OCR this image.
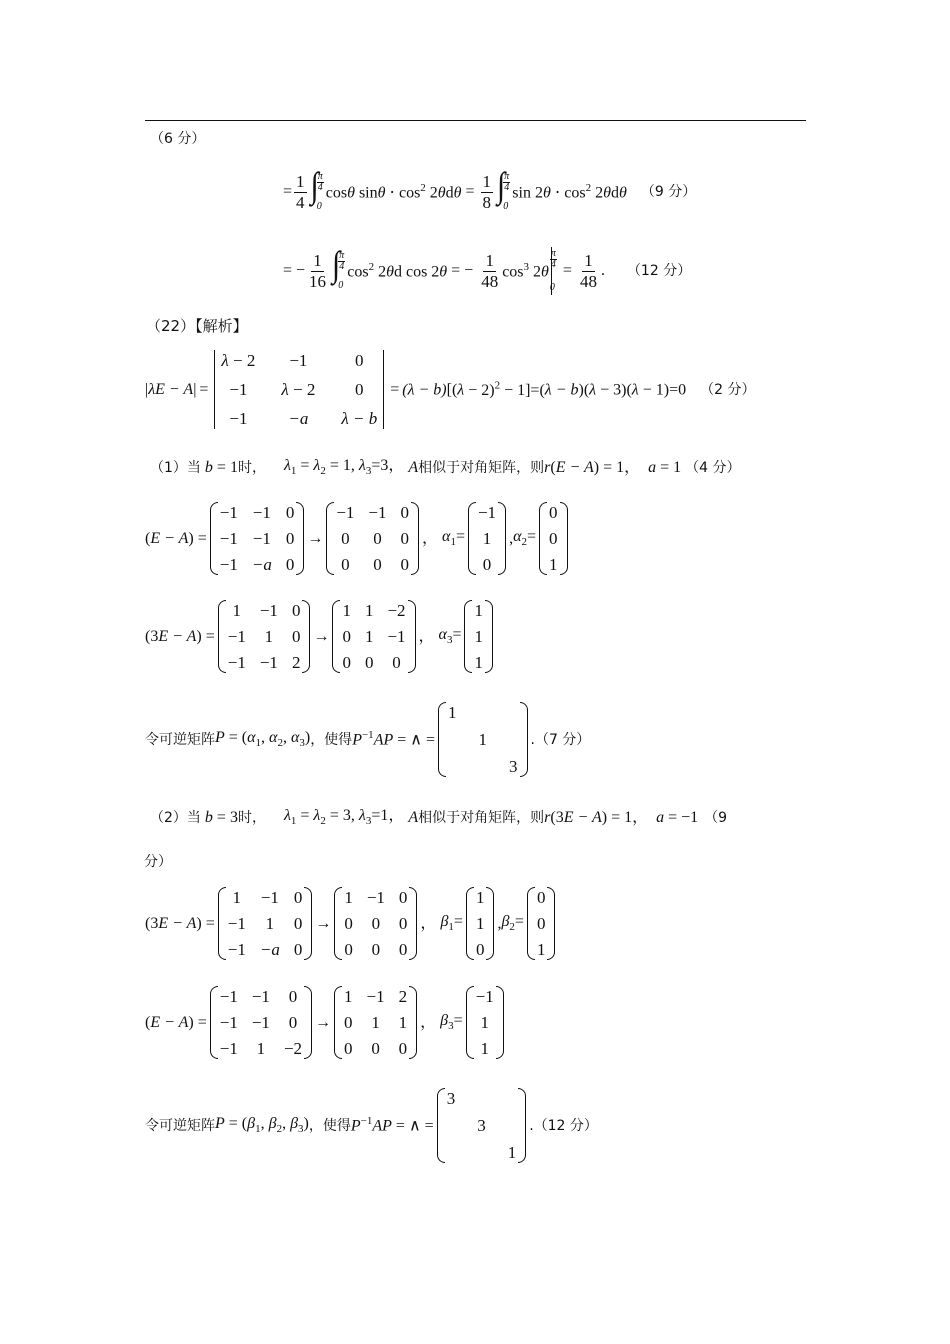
（6 分）
= $\frac{1}{4}$ ∫ π
4
0
cosθ $\sin\theta \cdot \cos^2 2\theta d\theta = \frac{1}{8}$ ∫ π
4
0
$\sin 2\theta \cdot \cos^2 2\theta d\theta$ （9 分）
= − $\frac{1}{16}$ ∫ π
4
0
$\cos^2 2\theta d$ cos 2θ = − $\frac{1}{48} \cos^3 2\theta$
π
4
0
= $\frac{1}{48}$ . （12 分）
（22）【解析】
| λE − A | =
λ − 2	−1	0
−1	λ − 2	0
−1	−a	λ − b
= $(\lambda - b)[(\lambda - 2)^2 - 1]=(\lambda - b)(\lambda - 3)(\lambda - 1)=0$ （2 分）
（1）当 b = 1 时， $\lambda_1 = \lambda_2 = 1$, $\lambda_3=3$， A 相似于对角矩阵，则 r(E − A) = 1， a = 1 （4 分）
( E − A ) =
−1 −1 0
−1 −1 0
−1 −a 0
→
−1 −1 0
0 0 0
0 0 0
， $\alpha_1=$
−1
1
0
, $\alpha_2=$
0
0
1
(3 E − A ) =
1 −1 0
−1 1 0
−1 −1 2
→
1 1 −2
0 1 −1
0 0 0
， $\alpha_3=$
1
1
1
令可逆矩阵 $P = (\alpha_1$, $\alpha_2$, $\alpha_3$) ，使得 $P^{-1}AP$ = ∧ =
1
1
3
.（7 分）
（2）当 b = 3 时， $\lambda_1 = \lambda_2 = 3$, $\lambda_3=1$， A 相似于对角矩阵，则 r(3E − A) = 1， a = −1 （9
分）
(3 E − A ) =
1 −1 0
−1	1	0
−1 −a 0
→
1 −1 0
0 0 0
0 0 0
， $\beta_1=$
1
1
0
, $\beta_2=$
0
0
1
( E − A ) =
−1 −1 0
−1 −1 0
−1 1 −2
→
1 −1 2
0 1 1
0 0 0
， $\beta_3=$
−1
1
1
令可逆矩阵 $P = (\beta_1$, $\beta_2$, $\beta_3$) ，使得 $P^{-1}AP$ = ∧ =
3
3
1
.（12 分）
